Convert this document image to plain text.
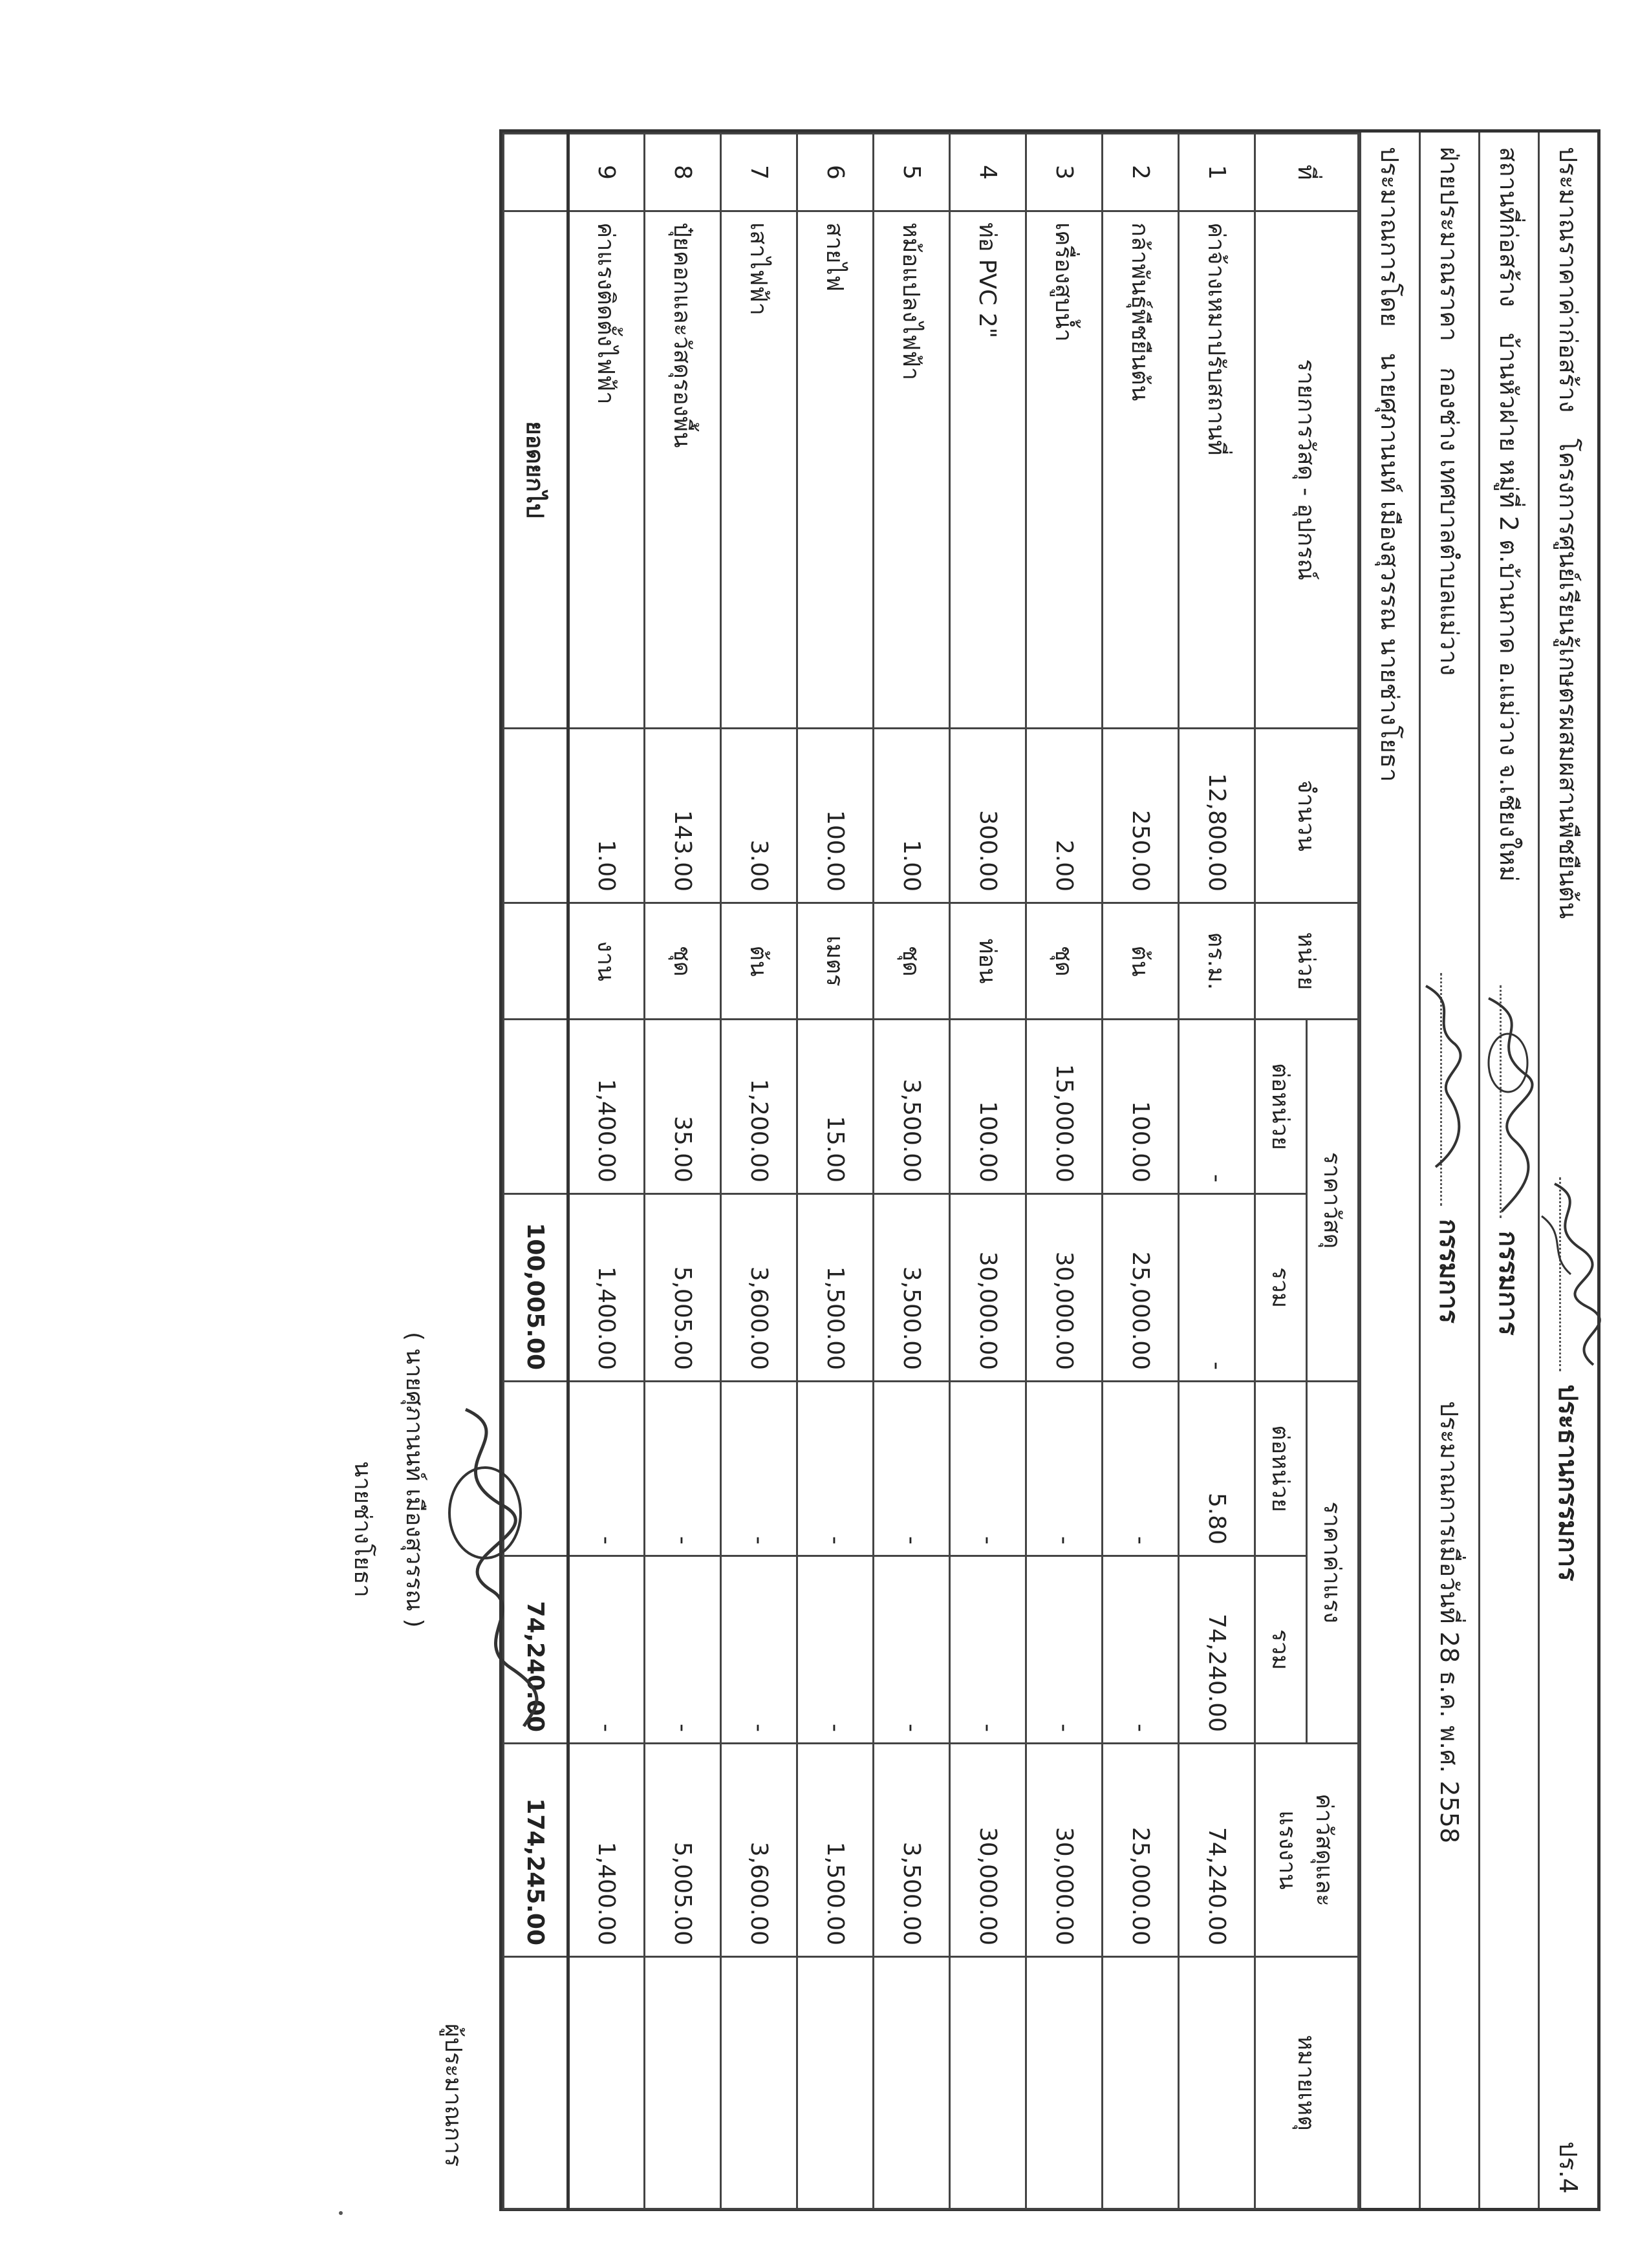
ประมาณราคาค่าก่อสร้าง
โครงการศูนย์เรียนรู้เกษตรผสมผสานพืชยืนต้น
ประธานกรรมการ
ปร.4
สถานที่ก่อสร้าง
บ้านหัวฝาย หมู่ที่ 2 ต.บ้านกาด อ.แม่วาง จ.เชียงใหม่
กรรมการ
ฝ่ายประมาณราคา
กองช่าง เทศบาลตำบลแม่วาง
กรรมการ
ประมาณการเมื่อวันที่ 28 ธ.ค. พ.ศ. 2558
ประมาณการโดย
นายศุภานนท์ เมืองสุวรรณ นายช่างโยธา
ที่	รายการวัสดุ - อุปกรณ์	จำนวน	หน่วย	ราคาวัสดุ		ราคาค่าแรง		ค่าวัสดุและแรงงาน	หมายเหตุ
				ต่อหน่วย	รวม	ต่อหน่วย	รวม		
1	ค่าจ้างเหมาปรับสถานที่	12,800.00	ตร.ม.	-	-	5.80	74,240.00	74,240.00	
2	กล้าพันธุ์พืชยืนต้น	250.00	ต้น	100.00	25,000.00	-	-	25,000.00	
3	เครื่องสูบน้ำ	2.00	ชุด	15,000.00	30,000.00	-	-	30,000.00	
4	ท่อ PVC 2"	300.00	ท่อน	100.00	30,000.00	-	-	30,000.00	
5	หม้อแปลงไฟฟ้า	1.00	ชุด	3,500.00	3,500.00	-	-	3,500.00	
6	สายไฟ	100.00	เมตร	15.00	1,500.00	-	-	1,500.00	
7	เสาไฟฟ้า	3.00	ต้น	1,200.00	3,600.00	-	-	3,600.00	
8	ปุ๋ยคอกและวัสดุรองพื้น	143.00	ชุด	35.00	5,005.00	-	-	5,005.00	
9	ค่าแรงติดตั้งไฟฟ้า	1.00	งาน	1,400.00	1,400.00	-	-	1,400.00	
	ยอดยกไป				100,005.00		74,240.00	174,245.00	
( นายศุภานนท์ เมืองสุวรรณ )
นายช่างโยธา
ผู้ประมาณการ
